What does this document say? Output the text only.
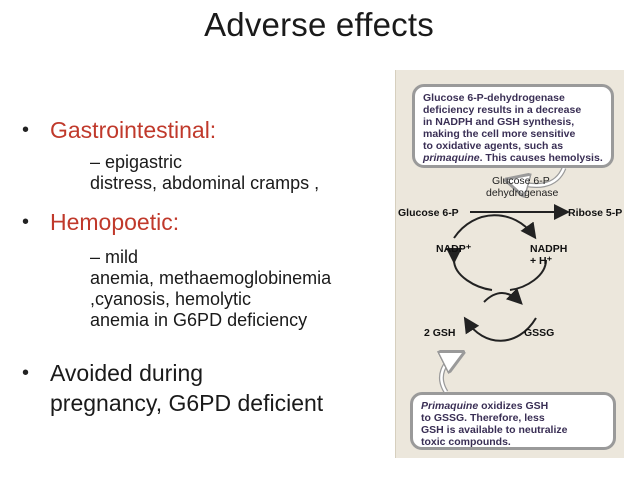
Adverse effects
• Gastrointestinal:
– epigastric
distress, abdominal cramps ,
• Hemopoetic:
– mild
anemia, methaemoglobinemia
,cyanosis, hemolytic
anemia in G6PD deficiency
• Avoided during
pregnancy, G6PD deficient
Glucose 6-P
dehydrogenase
Glucose 6-P	Ribose 5-P
NADP⁺	NADPH
+ H⁺
2 GSH	GSSG
Glucose 6-P-dehydrogenase
deficiency results in a decrease
in NADPH and GSH synthesis,
making the cell more sensitive
to oxidative agents, such as
primaquine. This causes hemolysis.
Primaquine oxidizes GSH
to GSSG. Therefore, less
GSH is available to neutralize
toxic compounds.
